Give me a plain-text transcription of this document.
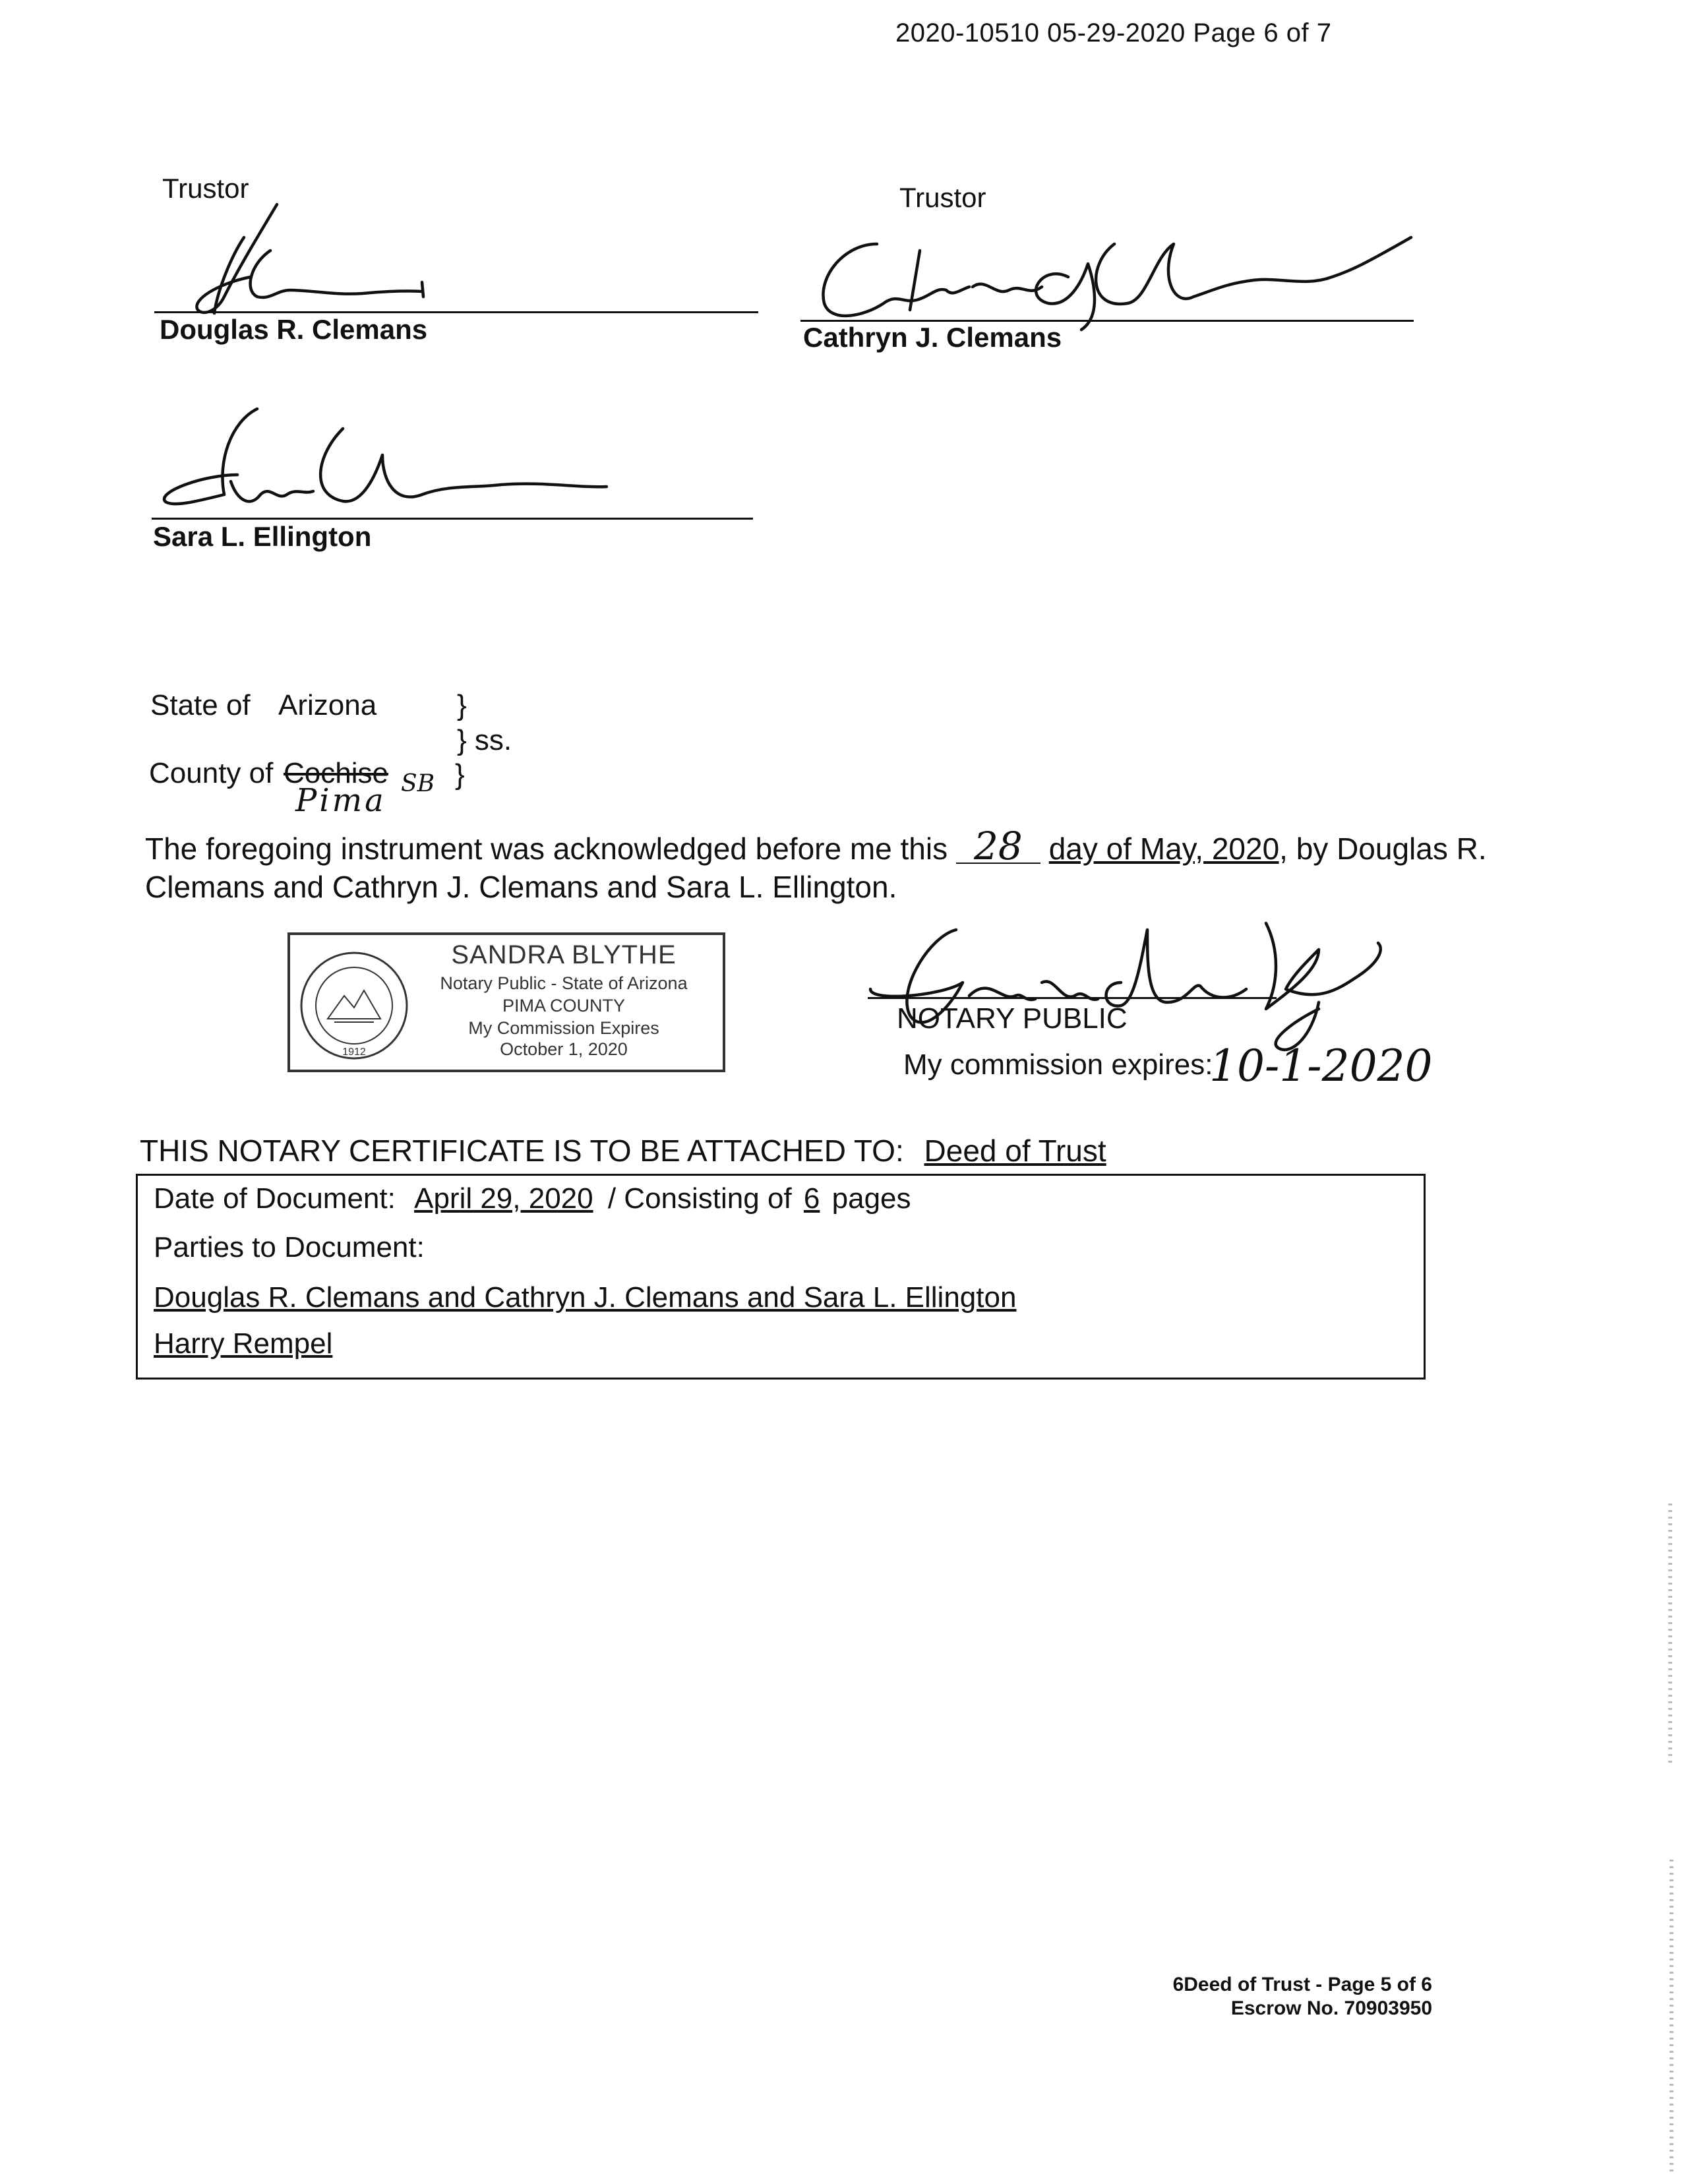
2020-10510 05-29-2020 Page 6 of 7
Trustor
Douglas R. Clemans
Trustor
Cathryn J. Clemans
Sara L. Ellington
State of Arizona	}
} ss.
County of Cochise SB }
Pima
The foregoing instrument was acknowledged before me this 28 day of May, 2020, by Douglas R.
Clemans and Cathryn J. Clemans and Sara L. Ellington.
1912
SANDRA BLYTHE
Notary Public - State of Arizona
PIMA COUNTY
My Commission Expires
October 1, 2020
NOTARY PUBLIC
My commission expires:
10-1-2020
THIS NOTARY CERTIFICATE IS TO BE ATTACHED TO: Deed of Trust
Date of Document: April 29, 2020 / Consisting of 6 pages
Parties to Document:
Douglas R. Clemans and Cathryn J. Clemans and Sara L. Ellington
Harry Rempel
6Deed of Trust - Page 5 of 6
Escrow No. 70903950
